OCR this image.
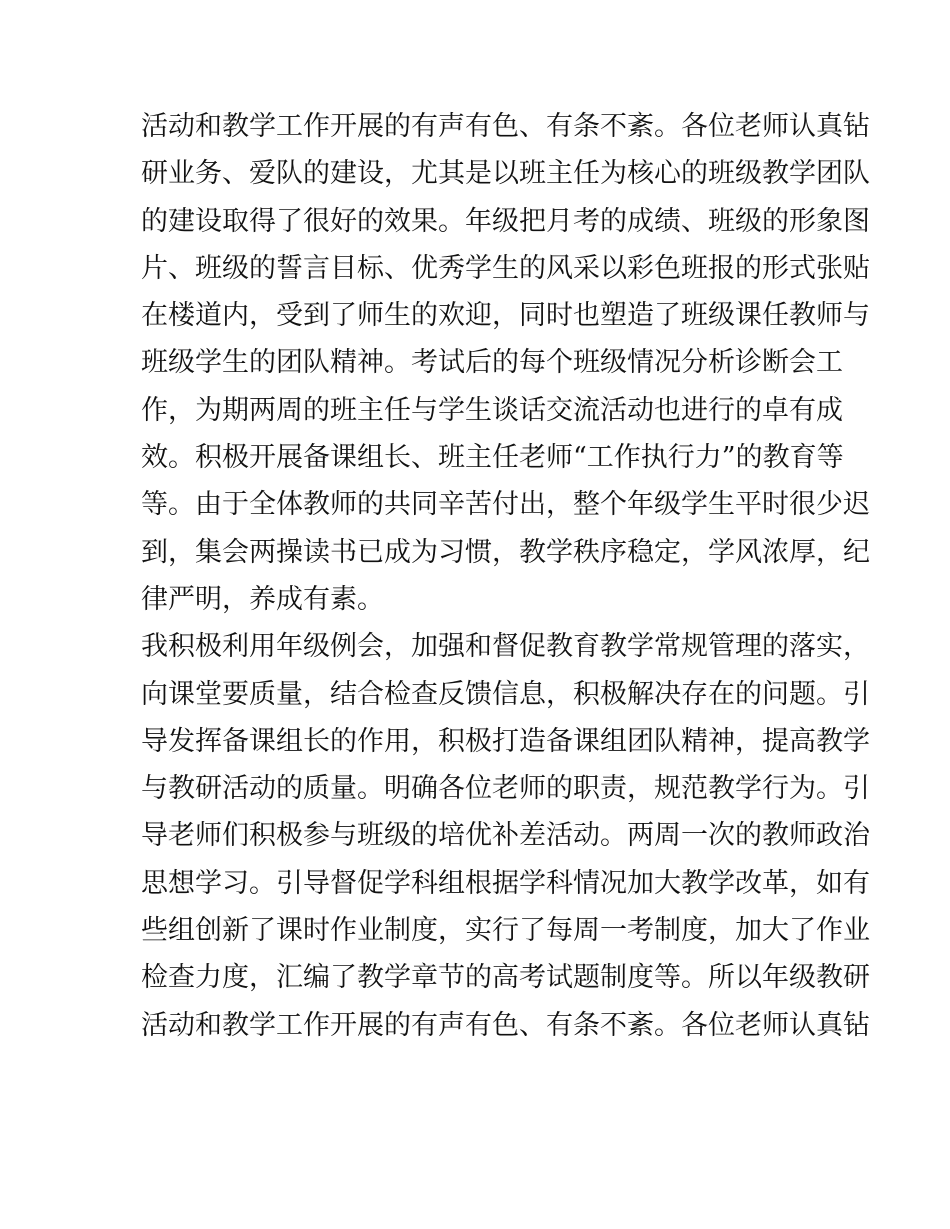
活动和教学工作开展的有声有色、有条不紊。各位老师认真钻
研业务、爱队的建设，尤其是以班主任为核心的班级教学团队
的建设取得了很好的效果。年级把月考的成绩、班级的形象图
片、班级的誓言目标、优秀学生的风采以彩色班报的形式张贴
在楼道内，受到了师生的欢迎，同时也塑造了班级课任教师与
班级学生的团队精神。考试后的每个班级情况分析诊断会工
作，为期两周的班主任与学生谈话交流活动也进行的卓有成
效。积极开展备课组长、班主任老师“工作执行力”的教育等
等。由于全体教师的共同辛苦付出，整个年级学生平时很少迟
到，集会两操读书已成为习惯，教学秩序稳定，学风浓厚，纪
律严明，养成有素。
我积极利用年级例会，加强和督促教育教学常规管理的落实，
向课堂要质量，结合检查反馈信息，积极解决存在的问题。引
导发挥备课组长的作用，积极打造备课组团队精神，提高教学
与教研活动的质量。明确各位老师的职责，规范教学行为。引
导老师们积极参与班级的培优补差活动。两周一次的教师政治
思想学习。引导督促学科组根据学科情况加大教学改革，如有
些组创新了课时作业制度，实行了每周一考制度，加大了作业
检查力度，汇编了教学章节的高考试题制度等。所以年级教研
活动和教学工作开展的有声有色、有条不紊。各位老师认真钻
